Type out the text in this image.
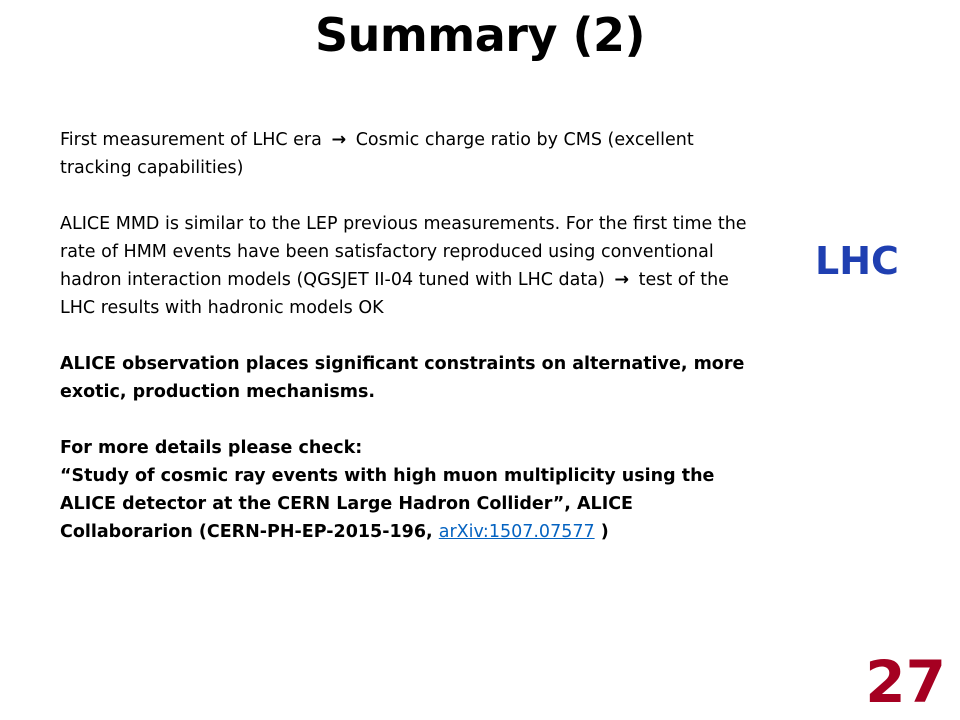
Summary (2)

First measurement of LHC era → Cosmic charge ratio by CMS (excellent tracking capabilities)

ALICE MMD is similar to the LEP previous measurements. For the first time the rate of HMM events have been satisfactory reproduced using conventional hadron interaction models (QGSJET II-04 tuned with LHC data) → test of the LHC results with hadronic models OK

ALICE observation places significant constraints on alternative, more exotic, production mechanisms.

For more details please check:
“Study of cosmic ray events with high muon multiplicity using the ALICE detector at the CERN Large Hadron Collider”, ALICE Collaborarion (CERN-PH-EP-2015-196, arXiv:1507.07577 )

LHC
27
